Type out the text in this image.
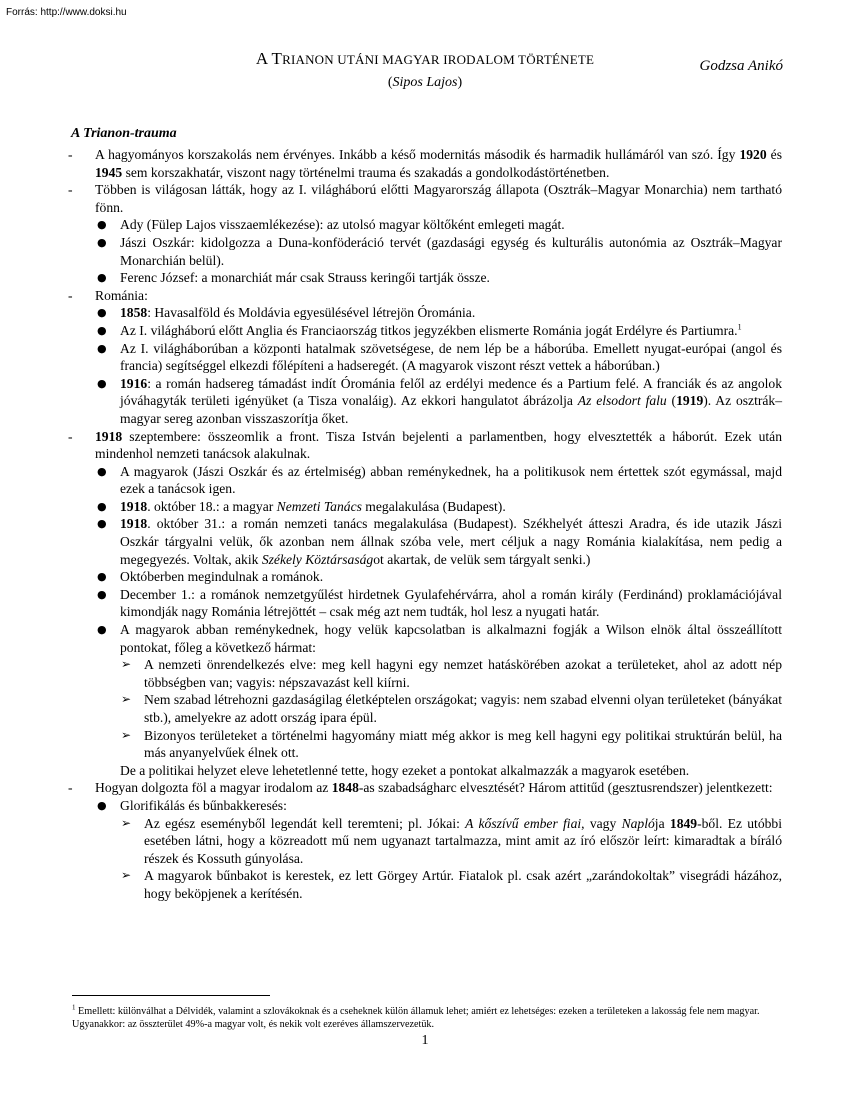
Forrás: http://www.doksi.hu
A TRIANON UTÁNI MAGYAR IRODALOM TÖRTÉNETE
(Sipos Lajos)
Godzsa Anikó
A Trianon-trauma
- A hagyományos korszakolás nem érvényes. Inkább a késő modernitás második és harmadik hullámáról van szó. Így 1920 és 1945 sem korszakhatár, viszont nagy történelmi trauma és szakadás a gondolkodástörténetben.
- Többen is világosan látták, hogy az I. világháború előtti Magyarország állapota (Osztrák–Magyar Monarchia) nem tartható fönn.
● Ady (Fülep Lajos visszaemlékezése): az utolsó magyar költőként emlegeti magát.
● Jászi Oszkár: kidolgozza a Duna-konföderáció tervét (gazdasági egység és kulturális autonómia az Osztrák–Magyar Monarchián belül).
● Ferenc József: a monarchiát már csak Strauss keringői tartják össze.
- Románia:
● 1858: Havasalföld és Moldávia egyesülésével létrejön Órománia.
● Az I. világháború előtt Anglia és Franciaország titkos jegyzékben elismerte Románia jogát Erdélyre és Partiumra.$^1$
● Az I. világháborúban a központi hatalmak szövetségese, de nem lép be a háborúba. Emellett nyugat-európai (angol és francia) segítséggel elkezdi főlépíteni a hadseregét. (A magyarok viszont részt vettek a háborúban.)
● 1916: a román hadsereg támadást indít Órománia felől az erdélyi medence és a Partium felé. A franciák és az angolok jóváhagyták területi igényüket (a Tisza vonaláig). Az ekkori hangulatot ábrázolja Az elsodort falu (1919). Az osztrák–magyar sereg azonban visszaszorítja őket.
- 1918 szeptembere: összeomlik a front. Tisza István bejelenti a parlamentben, hogy elvesztették a háborút. Ezek után mindenhol nemzeti tanácsok alakulnak.
● A magyarok (Jászi Oszkár és az értelmiség) abban reménykednek, ha a politikusok nem értettek szót egymással, majd ezek a tanácsok igen.
● 1918. október 18.: a magyar Nemzeti Tanács megalakulása (Budapest).
● 1918. október 31.: a román nemzeti tanács megalakulása (Budapest). Székhelyét átteszi Aradra, és ide utazik Jászi Oszkár tárgyalni velük, ők azonban nem állnak szóba vele, mert céljuk a nagy Románia kialakítása, nem pedig a megegyezés. Voltak, akik Székely Köztársaságot akartak, de velük sem tárgyalt senki.)
● Októberben megindulnak a románok.
● December 1.: a románok nemzetgyűlést hirdetnek Gyulafehérvárra, ahol a román király (Ferdinánd) proklamációjával kimondják nagy Románia létrejöttét – csak még azt nem tudták, hol lesz a nyugati határ.
● A magyarok abban reménykednek, hogy velük kapcsolatban is alkalmazni fogják a Wilson elnök által összeállított pontokat, főleg a következő hármat:
➢ A nemzeti önrendelkezés elve: meg kell hagyni egy nemzet hatáskörében azokat a területeket, ahol az adott nép többségben van; vagyis: népszavazást kell kiírni.
➢ Nem szabad létrehozni gazdaságilag életképtelen országokat; vagyis: nem szabad elvenni olyan területeket (bányákat stb.), amelyekre az adott ország ipara épül.
➢ Bizonyos területeket a történelmi hagyomány miatt még akkor is meg kell hagyni egy politikai struktúrán belül, ha más anyanyelvűek élnek ott.
De a politikai helyzet eleve lehetetlenné tette, hogy ezeket a pontokat alkalmazzák a magyarok esetében.
- Hogyan dolgozta föl a magyar irodalom az 1848-as szabadságharc elvesztését? Három attitűd (gesztusrendszer) jelentkezett:
● Glorifikálás és bűnbakkeresés:
➢ Az egész eseményből legendát kell teremteni; pl. Jókai: A kőszívű ember fiai, vagy Naplója 1849-ből. Ez utóbbi esetében látni, hogy a közreadott mű nem ugyanazt tartalmazza, mint amit az író először leírt: kimaradtak a bíráló részek és Kossuth gúnyolása.
➢ A magyarok bűnbakot is kerestek, ez lett Görgey Artúr. Fiatalok pl. csak azért „zarándokoltak” visegrádi házához, hogy beköpjenek a kerítésén.
$^1$ Emellett: különválhat a Délvidék, valamint a szlovákoknak és a cseheknek külön államuk lehet; amiért ez lehetséges: ezeken a területeken a lakosság fele nem magyar. Ugyanakkor: az összterület 49%-a magyar volt, és nekik volt ezeréves államszervezetük.
1
